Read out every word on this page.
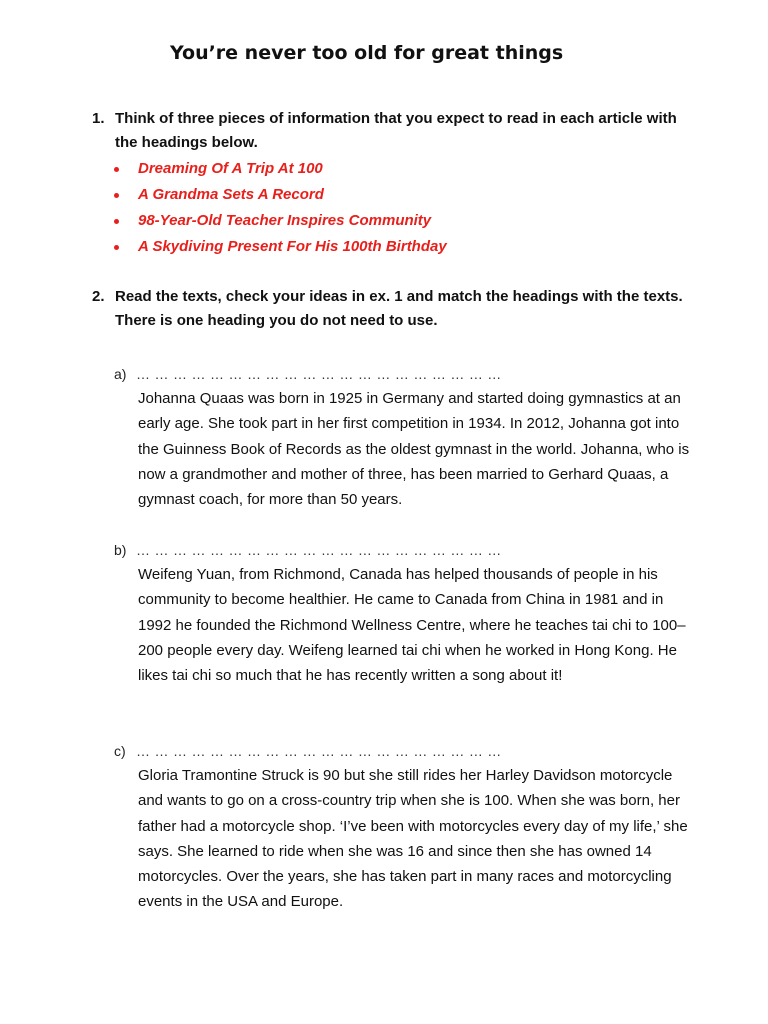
You’re never too old for great things
1. Think of three pieces of information that you expect to read in each article with the headings below.
Dreaming Of A Trip At 100
A Grandma Sets A Record
98-Year-Old Teacher Inspires Community
A Skydiving Present For His 100th Birthday
2. Read the texts, check your ideas in ex. 1 and match the headings with the texts. There is one heading you do not need to use.
a) … … … … … … … … … … … … … … … … … … … …
Johanna Quaas was born in 1925 in Germany and started doing gymnastics at an early age. She took part in her first competition in 1934. In 2012, Johanna got into the Guinness Book of Records as the oldest gymnast in the world. Johanna, who is now a grandmother and mother of three, has been married to Gerhard Quaas, a gymnast coach, for more than 50 years.
b) … … … … … … … … … … … … … … … … … … … …
Weifeng Yuan, from Richmond, Canada has helped thousands of people in his community to become healthier. He came to Canada from China in 1981 and in 1992 he founded the Richmond Wellness Centre, where he teaches tai chi to 100–200 people every day. Weifeng learned tai chi when he worked in Hong Kong. He likes tai chi so much that he has recently written a song about it!
c) … … … … … … … … … … … … … … … … … … … …
Gloria Tramontine Struck is 90 but she still rides her Harley Davidson motorcycle and wants to go on a cross-country trip when she is 100. When she was born, her father had a motorcycle shop. ‘I’ve been with motorcycles every day of my life,’ she says. She learned to ride when she was 16 and since then she has owned 14 motorcycles. Over the years, she has taken part in many races and motorcycling events in the USA and Europe.
